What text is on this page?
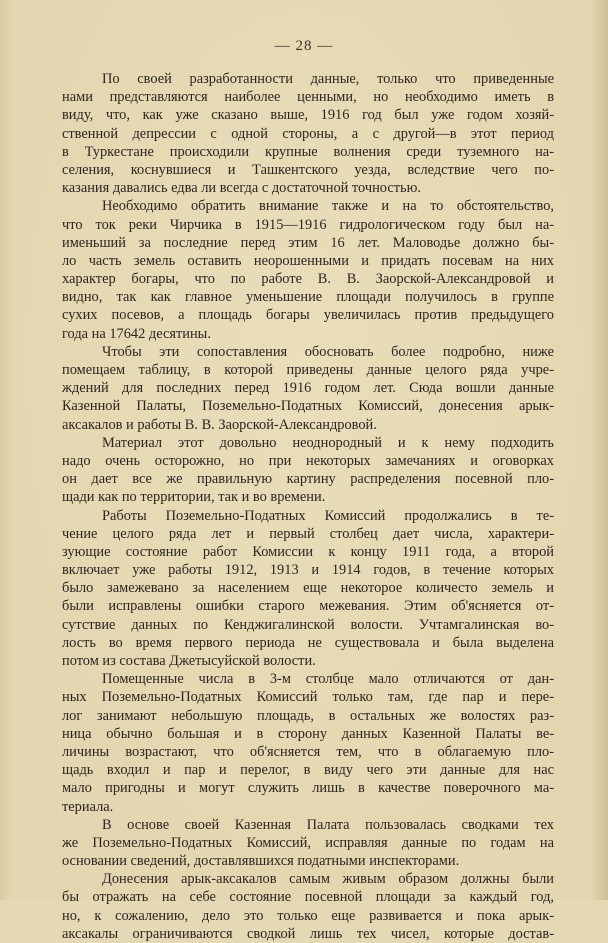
— 28 —
По своей разработанности данные, только что приведенные
нами представляются наиболее ценными, но необходимо иметь в
виду, что, как уже сказано выше, 1916 год был уже годом хозяй-
ственной депрессии с одной стороны, а с другой—в этот период
в Туркестане происходили крупные волнения среди туземного на-
селения, коснувшиеся и Ташкентского уезда, вследствие чего по-
казания давались едва ли всегда с достаточной точностью.
Необходимо обратить внимание также и на то обстоятельство,
что ток реки Чирчика в 1915—1916 гидрологическом году был на-
именьший за последние перед этим 16 лет. Маловодье должно бы-
ло часть земель оставить неорошенными и придать посевам на них
характер богары, что по работе В. В. Заорской-Александровой и
видно, так как главное уменьшение площади получилось в группе
сухих посевов, а площадь богары увеличилась против предыдущего
года на 17642 десятины.
Чтобы эти сопоставления обосновать более подробно, ниже
помещаем таблицу, в которой приведены данные целого ряда учре-
ждений для последних перед 1916 годом лет. Сюда вошли данные
Казенной Палаты, Поземельно-Податных Комиссий, донесения арык-
аксакалов и работы В. В. Заорской-Александровой.
Материал этот довольно неоднородный и к нему подходить
надо очень осторожно, но при некоторых замечаниях и оговорках
он дает все же правильную картину распределения посевной пло-
щади как по территории, так и во времени.
Работы Поземельно-Податных Комиссий продолжались в те-
чение целого ряда лет и первый столбец дает числа, характери-
зующие состояние работ Комиссии к концу 1911 года, а второй
включает уже работы 1912, 1913 и 1914 годов, в течение которых
было замежевано за населением еще некоторое количесто земель и
были исправлены ошибки старого межевания. Этим об'ясняется от-
сутствие данных по Кенджигалинской волости. Учтамгалинская во-
лость во время первого периода не существовала и была выделена
потом из состава Джетысуйской волости.
Помещенные числа в 3-м столбце мало отличаются от дан-
ных Поземельно-Податных Комиссий только там, где пар и пере-
лог занимают небольшую площадь, в остальных же волостях раз-
ница обычно большая и в сторону данных Казенной Палаты ве-
личины возрастают, что об'ясняется тем, что в облагаемую пло-
щадь входил и пар и перелог, в виду чего эти данные для нас
мало пригодны и могут служить лишь в качестве поверочного ма-
териала.
В основе своей Казенная Палата пользовалась сводками тех
же Поземельно-Податных Комиссий, исправляя данные по годам на
основании сведений, доставлявшихся податными инспекторами.
Донесения арык-аксакалов самым живым образом должны были
бы отражать на себе состояние посевной площади за каждый год,
но, к сожалению, дело это только еще развивается и пока арык-
аксакалы ограничиваются сводкой лишь тех чисел, которые достав-
